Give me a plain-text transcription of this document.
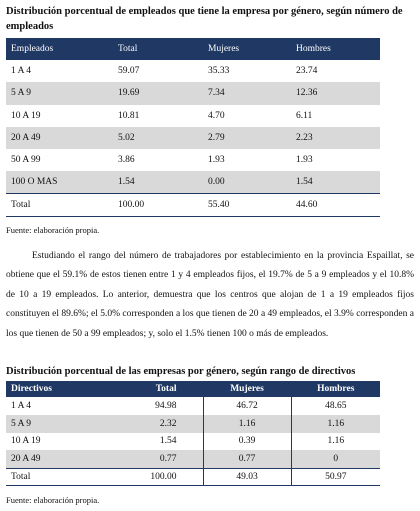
Distribución porcentual de empleados que tiene la empresa por género, según número de empleados

Empleados	Total	Mujeres	Hombres
1 A 4	59.07	35.33	23.74
5 A 9	19.69	7.34	12.36
10 A 19	10.81	4.70	6.11
20 A 49	5.02	2.79	2.23
50 A 99	3.86	1.93	1.93
100 O MAS	1.54	0.00	1.54
Total	100.00	55.40	44.60

Fuente: elaboración propia.

Estudiando el rango del número de trabajadores por establecimiento en la provincia Espaillat, se obtiene que el 59.1% de estos tienen entre 1 y 4 empleados fijos, el 19.7% de 5 a 9 empleados y el 10.8% de 10 a 19 empleados. Lo anterior, demuestra que los centros que alojan de 1 a 19 empleados fijos constituyen el 89.6%; el 5.0% corresponden a los que tienen de 20 a 49 empleados, el 3.9% corresponden a los que tienen de 50 a 99 empleados; y, solo el 1.5% tienen 100 o más de empleados.

Distribución porcentual de las empresas por género, según rango de directivos

Directivos	Total	Mujeres	Hombres
1 A 4	94.98	46.72	48.65
5 A 9	2.32	1.16	1.16
10 A 19	1.54	0.39	1.16
20 A 49	0.77	0.77	0
Total	100.00	49.03	50.97

Fuente: elaboración propia.
